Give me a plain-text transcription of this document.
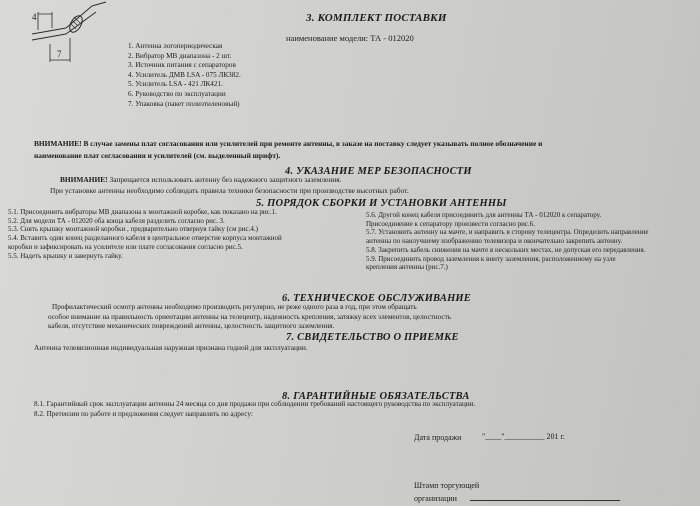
4
7
3. КОМПЛЕКТ ПОСТАВКИ
наименование модели: ТА - 012020
1. Антенна логопериодическая
2. Вибратор МВ диапазона - 2 шт.
3. Источник питания с сепараторов
4. Усилитель ДМВ LSA - 075 ЛК382.
5. Усилитель LSA - 421 ЛК421.
6. Руководство по эксплуатации
7. Упаковка (пакет полиэтиленовый)
ВНИМАНИЕ! В случае замены плат согласования или усилителей при ремонте антенны, в заказе на поставку следует указывать полное обозначение и
наименование плат согласования и усилителей (см. выделенный шрифт).
4. УКАЗАНИЕ МЕР БЕЗОПАСНОСТИ
ВНИМАНИЕ! Запрещается использовать антенну без надежного защитного заземления.
При установке антенны необходимо соблюдать правила техники безопасности при производстве высотных работ.
5. ПОРЯДОК СБОРКИ И УСТАНОВКИ АНТЕННЫ
5.1. Присоединить вибраторы МВ диапазона к монтажной коробке, как показано на рис.1.
5.2. Для модели ТА - 012020 оба конца кабеля разделить согласно рис. 3.
5.3. Снять крышку монтажной коробки , предварительно отвернув гайку (см рис.4.)
5.4. Вставить один конец разделанного кабеля в центральное отверстие корпуса монтажной
коробки и зафиксировать на усилителе или плате согласования согласно рис.5.
5.5. Надеть крышку и завернуть гайку.
5.6. Другой конец кабеля присоединить для антенны ТА - 012020 к сепаратору.
Присоединение к сепаратору произвести согласно рис.6.
5.7. Установить антенну на мачте, и направить в сторону телецентра. Определить направление
антенны по наилучшему изображению телевизора и окончательно закрепить антенну.
5.8. Закрепить кабель снижения на мачте в нескольких местах, не допуская его передавления.
5.9. Присоединить провод заземления к винту заземления, расположенному на узле
крепления антенны (рис.7.)
6. ТЕХНИЧЕСКОЕ ОБСЛУЖИВАНИЕ
Профилактический осмотр антенны необходимо производить регулярно, не реже одного раза в год, при этом обращать
особое внимание на правильность ориентации антенны на телецентр, надежность крепления, затяжку всех элементов, целостность
кабеля, отсутствие механических повреждений антенны, целостность защитного заземления.
7. СВИДЕТЕЛЬСТВО О ПРИЕМКЕ
Антенна телевизионная индивидуальная наружная признана годной для эксплуатации.
8. ГАРАНТИЙНЫЕ ОБЯЗАТЕЛЬСТВА
8.1. Гарантийный срок эксплуатации антенны 24 месяца со дня продажи при соблюдении требований настоящего руководства по эксплуатации.
8.2. Претензии по работе и предложения следует направлять по адресу:
Дата продажи	"____"__________ 201 г.
Штамп торгующей
организации
